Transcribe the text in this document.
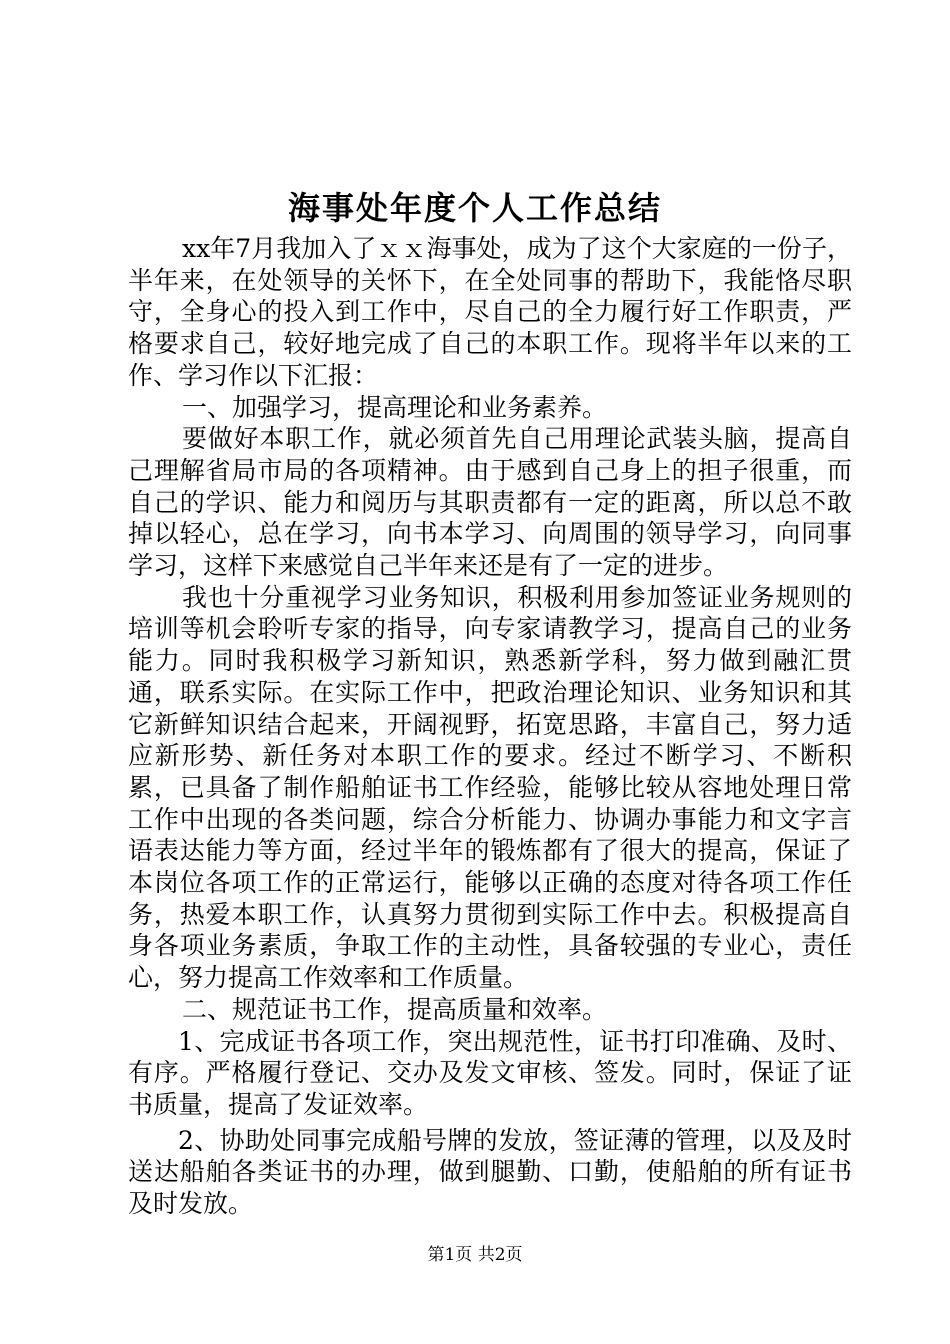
海事处年度个人工作总结

xx年7月我加入了ｘｘ海事处，成为了这个大家庭的一份子，半年来，在处领导的关怀下，在全处同事的帮助下，我能恪尽职守，全身心的投入到工作中，尽自己的全力履行好工作职责，严格要求自己，较好地完成了自己的本职工作。现将半年以来的工作、学习作以下汇报：

一、加强学习，提高理论和业务素养。

要做好本职工作，就必须首先自己用理论武装头脑，提高自己理解省局市局的各项精神。由于感到自己身上的担子很重，而自己的学识、能力和阅历与其职责都有一定的距离，所以总不敢掉以轻心，总在学习，向书本学习、向周围的领导学习，向同事学习，这样下来感觉自己半年来还是有了一定的进步。

我也十分重视学习业务知识，积极利用参加签证业务规则的培训等机会聆听专家的指导，向专家请教学习，提高自己的业务能力。同时我积极学习新知识，熟悉新学科，努力做到融汇贯通，联系实际。在实际工作中，把政治理论知识、业务知识和其它新鲜知识结合起来，开阔视野，拓宽思路，丰富自己，努力适应新形势、新任务对本职工作的要求。经过不断学习、不断积累，已具备了制作船舶证书工作经验，能够比较从容地处理日常工作中出现的各类问题，综合分析能力、协调办事能力和文字言语表达能力等方面，经过半年的锻炼都有了很大的提高，保证了本岗位各项工作的正常运行，能够以正确的态度对待各项工作任务，热爱本职工作，认真努力贯彻到实际工作中去。积极提高自身各项业务素质，争取工作的主动性，具备较强的专业心，责任心，努力提高工作效率和工作质量。

二、规范证书工作，提高质量和效率。

1、完成证书各项工作，突出规范性，证书打印准确、及时、有序。严格履行登记、交办及发文审核、签发。同时，保证了证书质量，提高了发证效率。

2、协助处同事完成船号牌的发放，签证薄的管理，以及及时送达船舶各类证书的办理，做到腿勤、口勤，使船舶的所有证书及时发放。

第1页 共2页
